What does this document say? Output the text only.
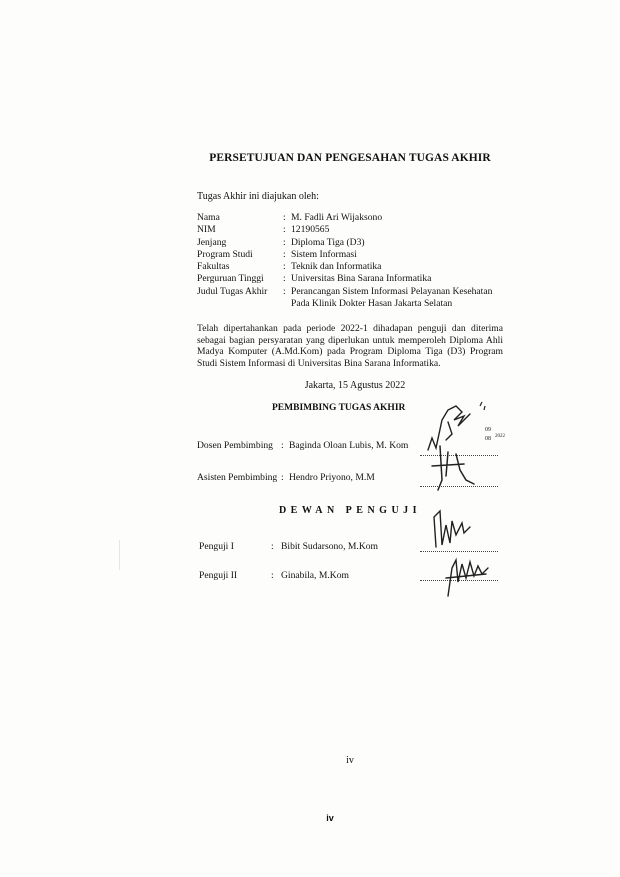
PERSETUJUAN DAN PENGESAHAN TUGAS AKHIR
Tugas Akhir ini diajukan oleh:
Nama	: M. Fadli Ari Wijaksono
NIM	: 12190565
Jenjang	: Diploma Tiga (D3)
Program Studi	: Sistem Informasi
Fakultas	: Teknik dan Informatika
Perguruan Tinggi	: Universitas Bina Sarana Informatika
Judul Tugas Akhir	: Perancangan Sistem Informasi Pelayanan Kesehatan Pada Klinik Dokter Hasan Jakarta Selatan
Telah dipertahankan pada periode 2022-1 dihadapan penguji dan diterima sebagai bagian persyaratan yang diperlukan untuk memperoleh Diploma Ahli Madya Komputer (A.Md.Kom) pada Program Diploma Tiga (D3) Program Studi Sistem Informasi di Universitas Bina Sarana Informatika.
Jakarta, 15 Agustus 2022
PEMBIMBING TUGAS AKHIR
Dosen Pembimbing : Baginda Oloan Lubis, M. Kom
Asisten Pembimbing : Hendro Priyono, M.M
DEWAN PENGUJI
Penguji I	: Bibit Sudarsono, M.Kom
Penguji II	: Ginabila, M.Kom
09
08 2022
iv
iv
